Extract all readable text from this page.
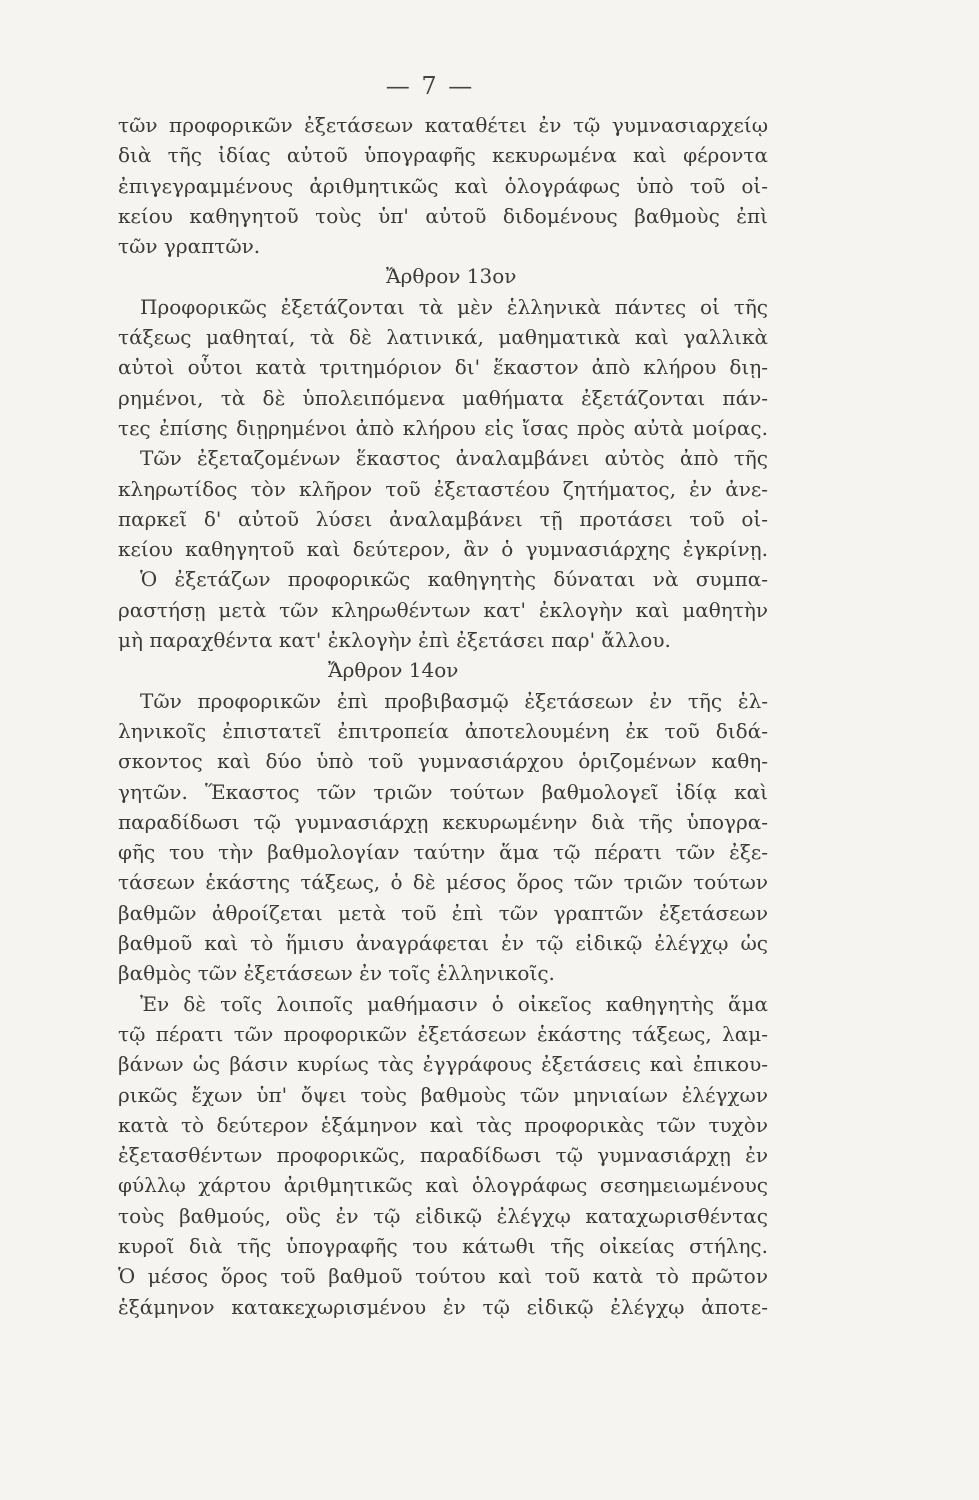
— 7 —
τῶν προφορικῶν ἐξετάσεων καταθέτει ἐν τῷ γυμνασιαρχείῳ
διὰ τῆς ἰδίας αὐτοῦ ὑπογραφῆς κεκυρωμένα καὶ φέροντα
ἐπιγεγραμμένους ἀριθμητικῶς καὶ ὁλογράφως ὑπὸ τοῦ οἰ-
κείου καθηγητοῦ τοὺς ὑπ' αὐτοῦ διδομένους βαθμοὺς ἐπὶ
τῶν γραπτῶν.
Ἄρθρον 13ον
Προφορικῶς ἐξετάζονται τὰ μὲν ἑλληνικὰ πάντες οἱ τῆς
τάξεως μαθηταί, τὰ δὲ λατινικά, μαθηματικὰ καὶ γαλλικὰ
αὐτοὶ οὗτοι κατὰ τριτημόριον δι' ἕκαστον ἀπὸ κλήρου διῃ-
ρημένοι, τὰ δὲ ὑπολειπόμενα μαθήματα ἐξετάζονται πάν-
τες ἐπίσης διῃρημένοι ἀπὸ κλήρου εἰς ἴσας πρὸς αὐτὰ μοίρας.
Τῶν ἐξεταζομένων ἕκαστος ἀναλαμβάνει αὐτὸς ἀπὸ τῆς
κληρωτίδος τὸν κλῆρον τοῦ ἐξεταστέου ζητήματος, ἐν ἀνε-
παρκεῖ δ' αὐτοῦ λύσει ἀναλαμβάνει τῇ προτάσει τοῦ οἰ-
κείου καθηγητοῦ καὶ δεύτερον, ἂν ὁ γυμνασιάρχης ἐγκρίνῃ.
Ὁ ἐξετάζων προφορικῶς καθηγητὴς δύναται νὰ συμπα-
ραστήσῃ μετὰ τῶν κληρωθέντων κατ' ἐκλογὴν καὶ μαθητὴν
μὴ παραχθέντα κατ' ἐκλογὴν ἐπὶ ἐξετάσει παρ' ἄλλου.
Ἄρθρον 14ον
Τῶν προφορικῶν ἐπὶ προβιβασμῷ ἐξετάσεων ἐν τῆς ἑλ-
ληνικοῖς ἐπιστατεῖ ἐπιτροπεία ἀποτελουμένη ἐκ τοῦ διδά-
σκοντος καὶ δύο ὑπὸ τοῦ γυμνασιάρχου ὁριζομένων καθη-
γητῶν. Ἕκαστος τῶν τριῶν τούτων βαθμολογεῖ ἰδίᾳ καὶ
παραδίδωσι τῷ γυμνασιάρχῃ κεκυρωμένην διὰ τῆς ὑπογρα-
φῆς του τὴν βαθμολογίαν ταύτην ἅμα τῷ πέρατι τῶν ἐξε-
τάσεων ἑκάστης τάξεως, ὁ δὲ μέσος ὅρος τῶν τριῶν τούτων
βαθμῶν ἀθροίζεται μετὰ τοῦ ἐπὶ τῶν γραπτῶν ἐξετάσεων
βαθμοῦ καὶ τὸ ἥμισυ ἀναγράφεται ἐν τῷ εἰδικῷ ἐλέγχῳ ὡς
βαθμὸς τῶν ἐξετάσεων ἐν τοῖς ἑλληνικοῖς.
Ἐν δὲ τοῖς λοιποῖς μαθήμασιν ὁ οἰκεῖος καθηγητὴς ἅμα
τῷ πέρατι τῶν προφορικῶν ἐξετάσεων ἑκάστης τάξεως, λαμ-
βάνων ὡς βάσιν κυρίως τὰς ἐγγράφους ἐξετάσεις καὶ ἐπικου-
ρικῶς ἔχων ὑπ' ὄψει τοὺς βαθμοὺς τῶν μηνιαίων ἐλέγχων
κατὰ τὸ δεύτερον ἑξάμηνον καὶ τὰς προφορικὰς τῶν τυχὸν
ἐξετασθέντων προφορικῶς, παραδίδωσι τῷ γυμνασιάρχῃ ἐν
φύλλῳ χάρτου ἀριθμητικῶς καὶ ὁλογράφως σεσημειωμένους
τοὺς βαθμούς, οὓς ἐν τῷ εἰδικῷ ἐλέγχῳ καταχωρισθέντας
κυροῖ διὰ τῆς ὑπογραφῆς του κάτωθι τῆς οἰκείας στήλης.
Ὁ μέσος ὅρος τοῦ βαθμοῦ τούτου καὶ τοῦ κατὰ τὸ πρῶτον
ἑξάμηνον κατακεχωρισμένου ἐν τῷ εἰδικῷ ἐλέγχῳ ἀποτε-
